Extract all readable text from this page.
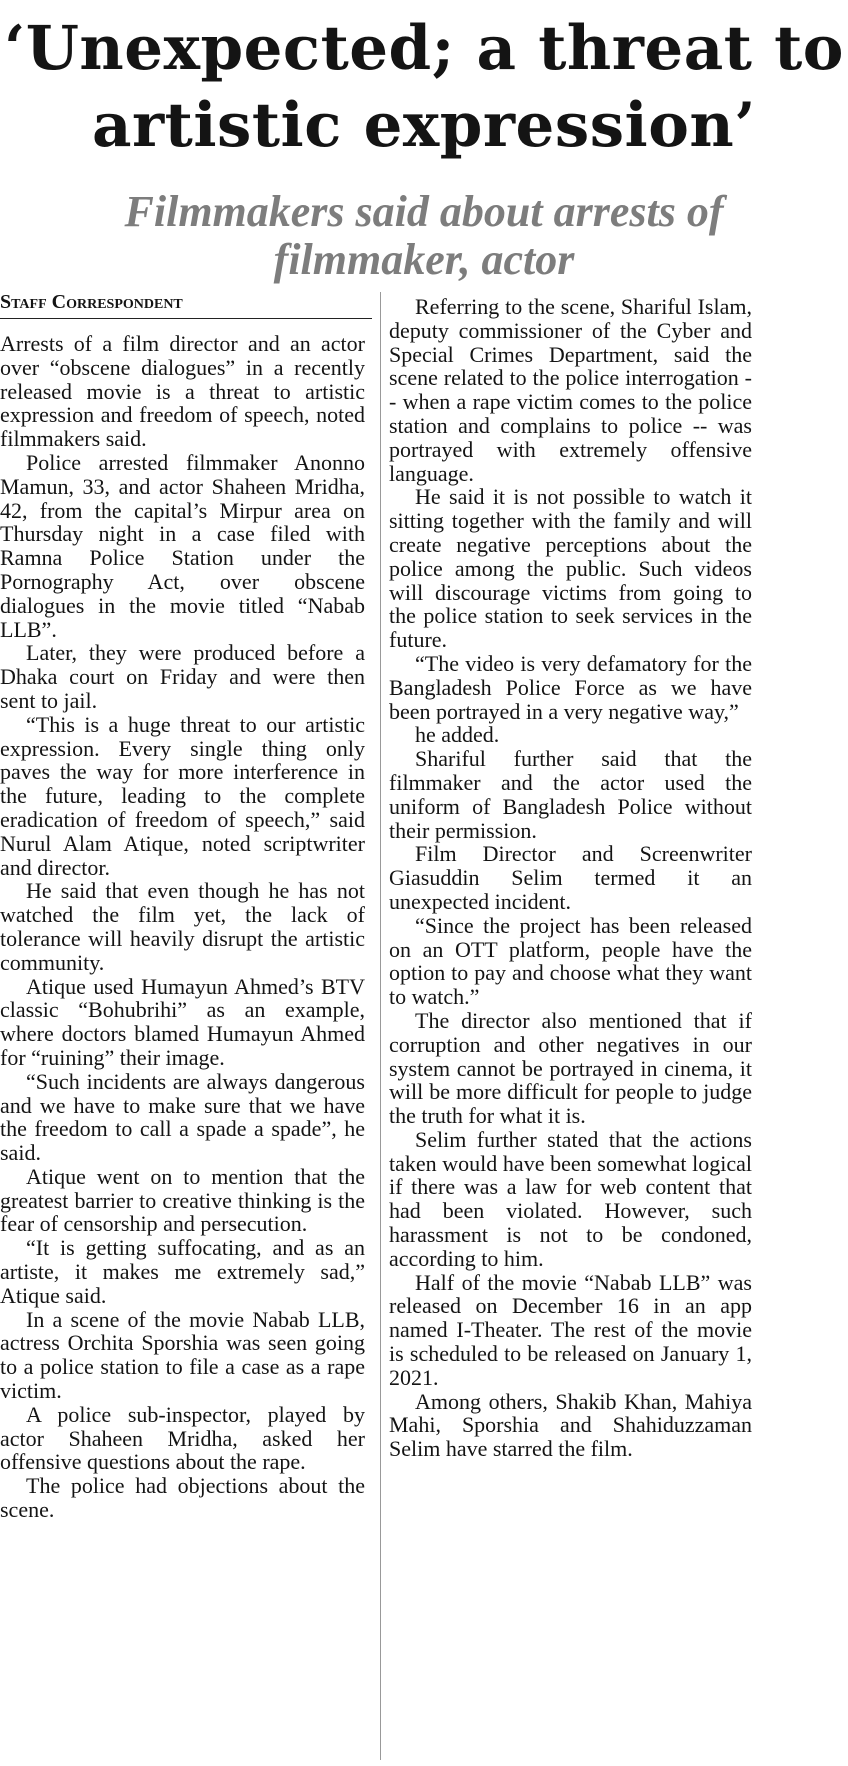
‘Unexpected; a threat to artistic expression’
Filmmakers said about arrests of filmmaker, actor
Staff Correspondent

Arrests of a film director and an actor over “obscene dialogues” in a recently released movie is a threat to artistic expression and freedom of speech, noted filmmakers said.

Police arrested filmmaker Anonno Mamun, 33, and actor Shaheen Mridha, 42, from the capital’s Mirpur area on Thursday night in a case filed with Ramna Police Station under the Pornography Act, over obscene dialogues in the movie titled “Nabab LLB”.

Later, they were produced before a Dhaka court on Friday and were then sent to jail.

“This is a huge threat to our artistic expression. Every single thing only paves the way for more interference in the future, leading to the complete eradication of freedom of speech,” said Nurul Alam Atique, noted scriptwriter and director.

He said that even though he has not watched the film yet, the lack of tolerance will heavily disrupt the artistic community.

Atique used Humayun Ahmed’s BTV classic “Bohubrihi” as an example, where doctors blamed Humayun Ahmed for “ruining” their image.

“Such incidents are always dangerous and we have to make sure that we have the freedom to call a spade a spade”, he said.

Atique went on to mention that the greatest barrier to creative thinking is the fear of censorship and persecution.

“It is getting suffocating, and as an artiste, it makes me extremely sad,” Atique said.

In a scene of the movie Nabab LLB, actress Orchita Sporshia was seen going to a police station to file a case as a rape victim.

A police sub-inspector, played by actor Shaheen Mridha, asked her offensive questions about the rape.

The police had objections about the scene.

Referring to the scene, Shariful Islam, deputy commissioner of the Cyber and Special Crimes Department, said the scene related to the police interrogation -- when a rape victim comes to the police station and complains to police -- was portrayed with extremely offensive language.

He said it is not possible to watch it sitting together with the family and will create negative perceptions about the police among the public. Such videos will discourage victims from going to the police station to seek services in the future.

“The video is very defamatory for the Bangladesh Police Force as we have been portrayed in a very negative way,”

he added.

Shariful further said that the filmmaker and the actor used the uniform of Bangladesh Police without their permission.

Film Director and Screenwriter Giasuddin Selim termed it an unexpected incident.

“Since the project has been released on an OTT platform, people have the option to pay and choose what they want to watch.”

The director also mentioned that if corruption and other negatives in our system cannot be portrayed in cinema, it will be more difficult for people to judge the truth for what it is.

Selim further stated that the actions taken would have been somewhat logical if there was a law for web content that had been violated. However, such harassment is not to be condoned, according to him.

Half of the movie “Nabab LLB” was released on December 16 in an app named I-Theater. The rest of the movie is scheduled to be released on January 1, 2021.

Among others, Shakib Khan, Mahiya Mahi, Sporshia and Shahiduzzaman Selim have starred the film.
